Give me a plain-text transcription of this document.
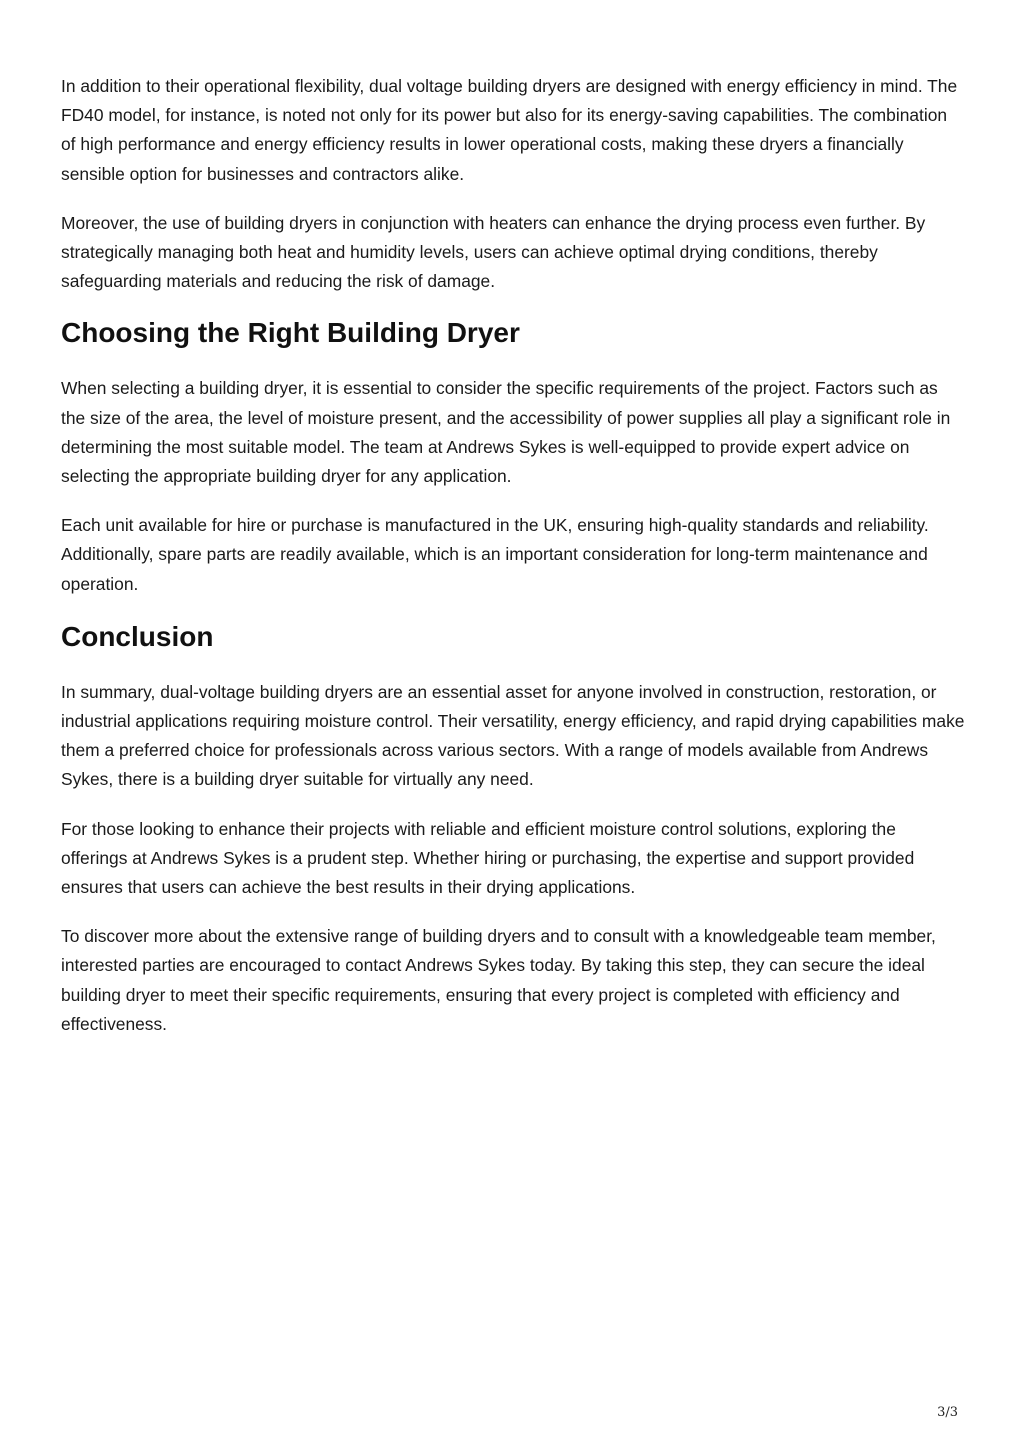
In addition to their operational flexibility, dual voltage building dryers are designed with energy efficiency in mind. The FD40 model, for instance, is noted not only for its power but also for its energy-saving capabilities. The combination of high performance and energy efficiency results in lower operational costs, making these dryers a financially sensible option for businesses and contractors alike.

Moreover, the use of building dryers in conjunction with heaters can enhance the drying process even further. By strategically managing both heat and humidity levels, users can achieve optimal drying conditions, thereby safeguarding materials and reducing the risk of damage.

Choosing the Right Building Dryer

When selecting a building dryer, it is essential to consider the specific requirements of the project. Factors such as the size of the area, the level of moisture present, and the accessibility of power supplies all play a significant role in determining the most suitable model. The team at Andrews Sykes is well-equipped to provide expert advice on selecting the appropriate building dryer for any application.

Each unit available for hire or purchase is manufactured in the UK, ensuring high-quality standards and reliability. Additionally, spare parts are readily available, which is an important consideration for long-term maintenance and operation.

Conclusion

In summary, dual-voltage building dryers are an essential asset for anyone involved in construction, restoration, or industrial applications requiring moisture control. Their versatility, energy efficiency, and rapid drying capabilities make them a preferred choice for professionals across various sectors. With a range of models available from Andrews Sykes, there is a building dryer suitable for virtually any need.

For those looking to enhance their projects with reliable and efficient moisture control solutions, exploring the offerings at Andrews Sykes is a prudent step. Whether hiring or purchasing, the expertise and support provided ensures that users can achieve the best results in their drying applications.

To discover more about the extensive range of building dryers and to consult with a knowledgeable team member, interested parties are encouraged to contact Andrews Sykes today. By taking this step, they can secure the ideal building dryer to meet their specific requirements, ensuring that every project is completed with efficiency and effectiveness.

3/3
